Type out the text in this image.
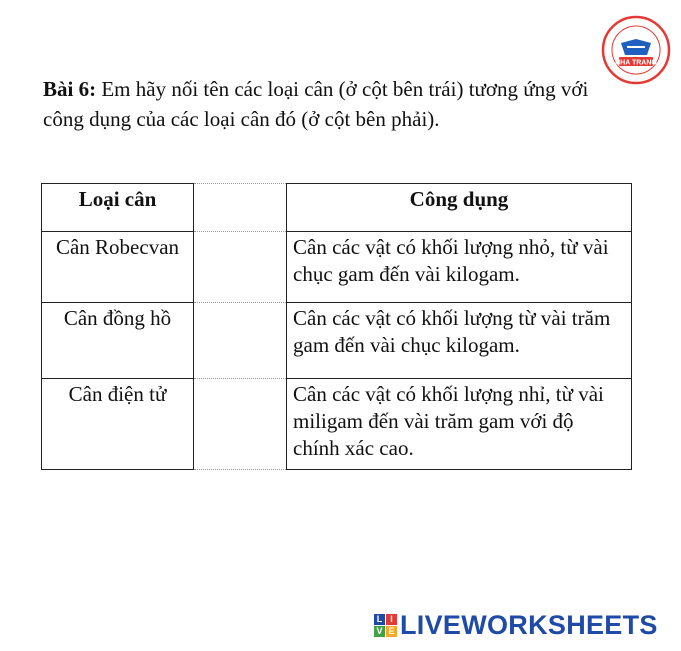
NHA TRANG
Bài 6: Em hãy nối tên các loại cân (ở cột bên trái) tương ứng với công dụng của các loại cân đó (ở cột bên phải).
Loại cân		Công dụng
Cân Robecvan		Cân các vật có khối lượng nhỏ, từ vài chục gam đến vài kilogam.
Cân đồng hồ		Cân các vật có khối lượng từ vài trăm gam đến vài chục kilogam.
Cân điện tử		Cân các vật có khối lượng nhỉ, từ vài miligam đến vài trăm gam với độ chính xác cao.
L I
V E LIVEWORKSHEETS
